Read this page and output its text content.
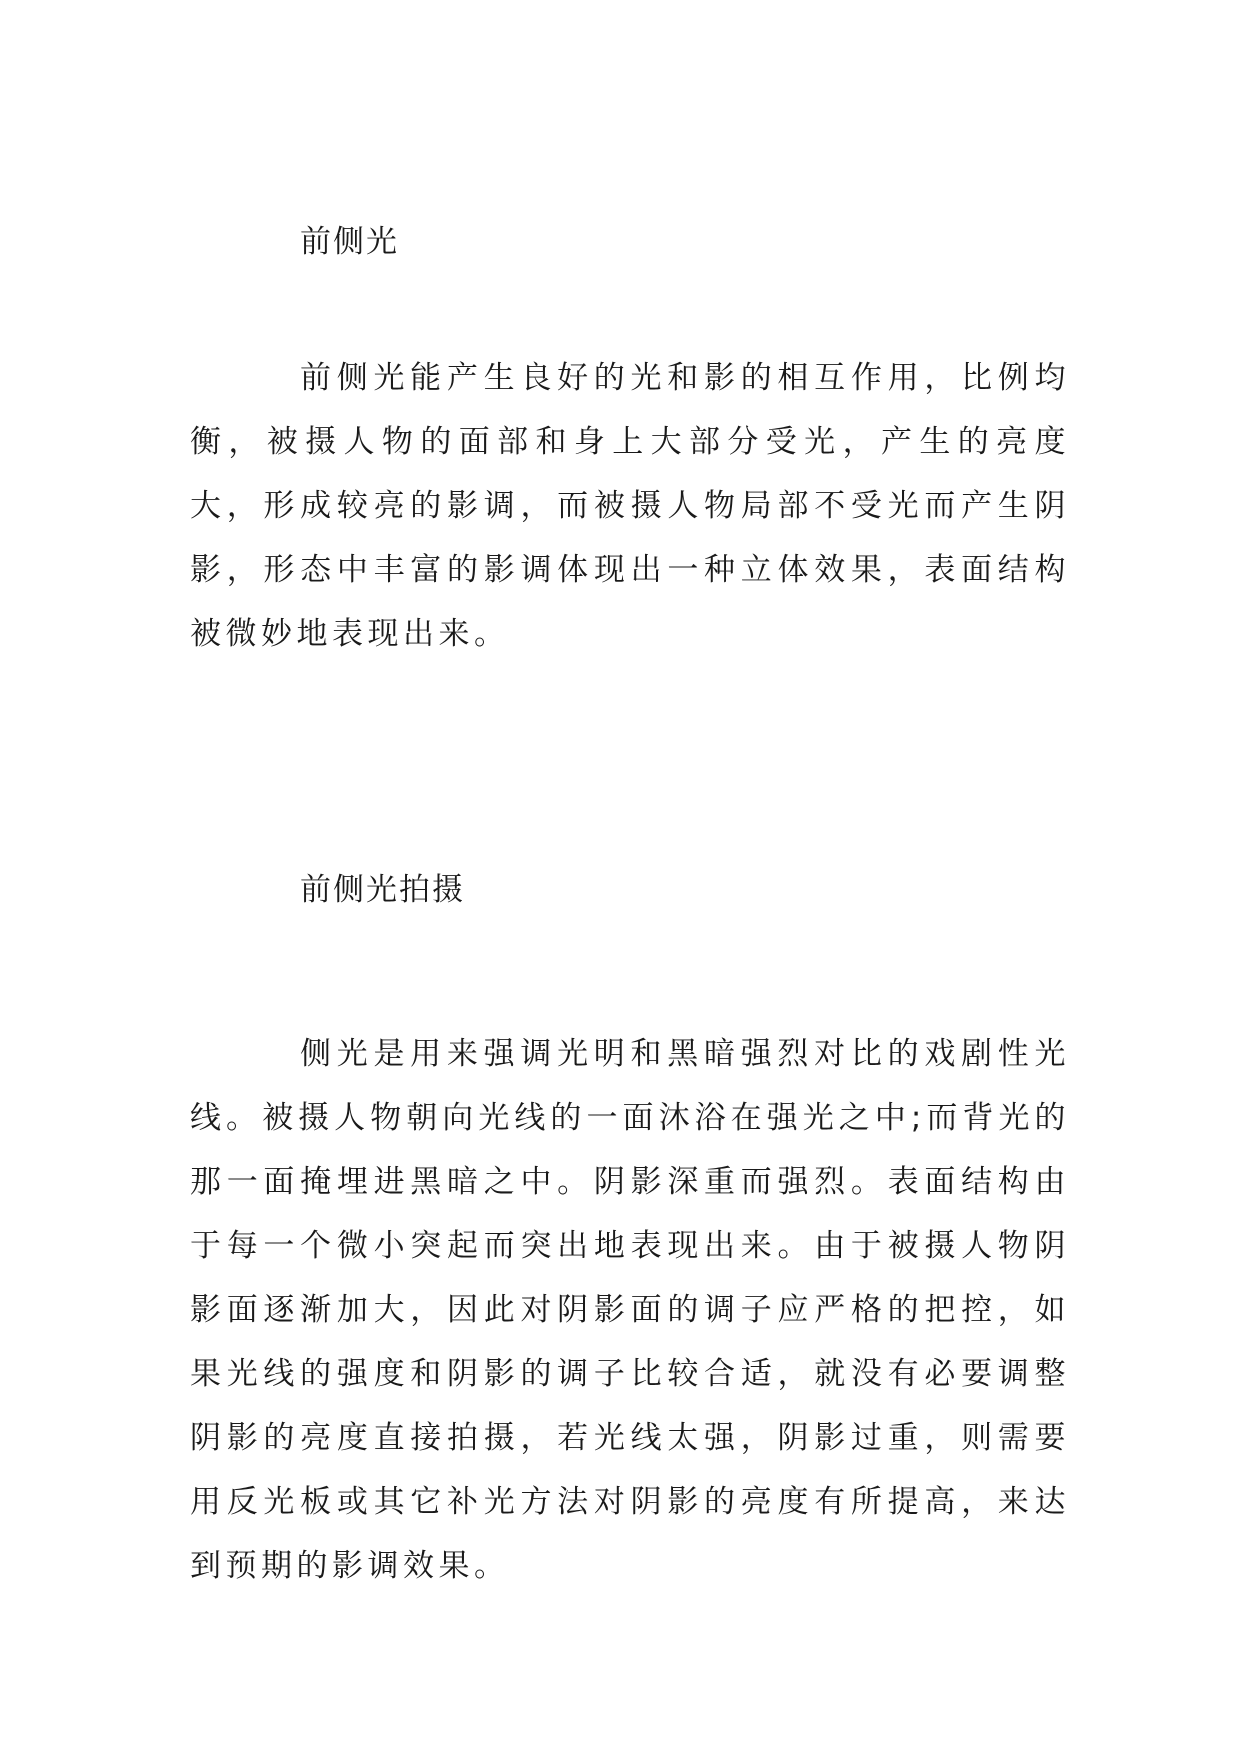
前侧光

前侧光能产生良好的光和影的相互作用，比例均衡，被摄人物的面部和身上大部分受光，产生的亮度大，形成较亮的影调，而被摄人物局部不受光而产生阴影，形态中丰富的影调体现出一种立体效果，表面结构被微妙地表现出来。

前侧光拍摄

侧光是用来强调光明和黑暗强烈对比的戏剧性光线。被摄人物朝向光线的一面沐浴在强光之中;而背光的那一面掩埋进黑暗之中。阴影深重而强烈。表面结构由于每一个微小突起而突出地表现出来。由于被摄人物阴影面逐渐加大，因此对阴影面的调子应严格的把控，如果光线的强度和阴影的调子比较合适，就没有必要调整阴影的亮度直接拍摄，若光线太强，阴影过重，则需要用反光板或其它补光方法对阴影的亮度有所提高，来达到预期的影调效果。
